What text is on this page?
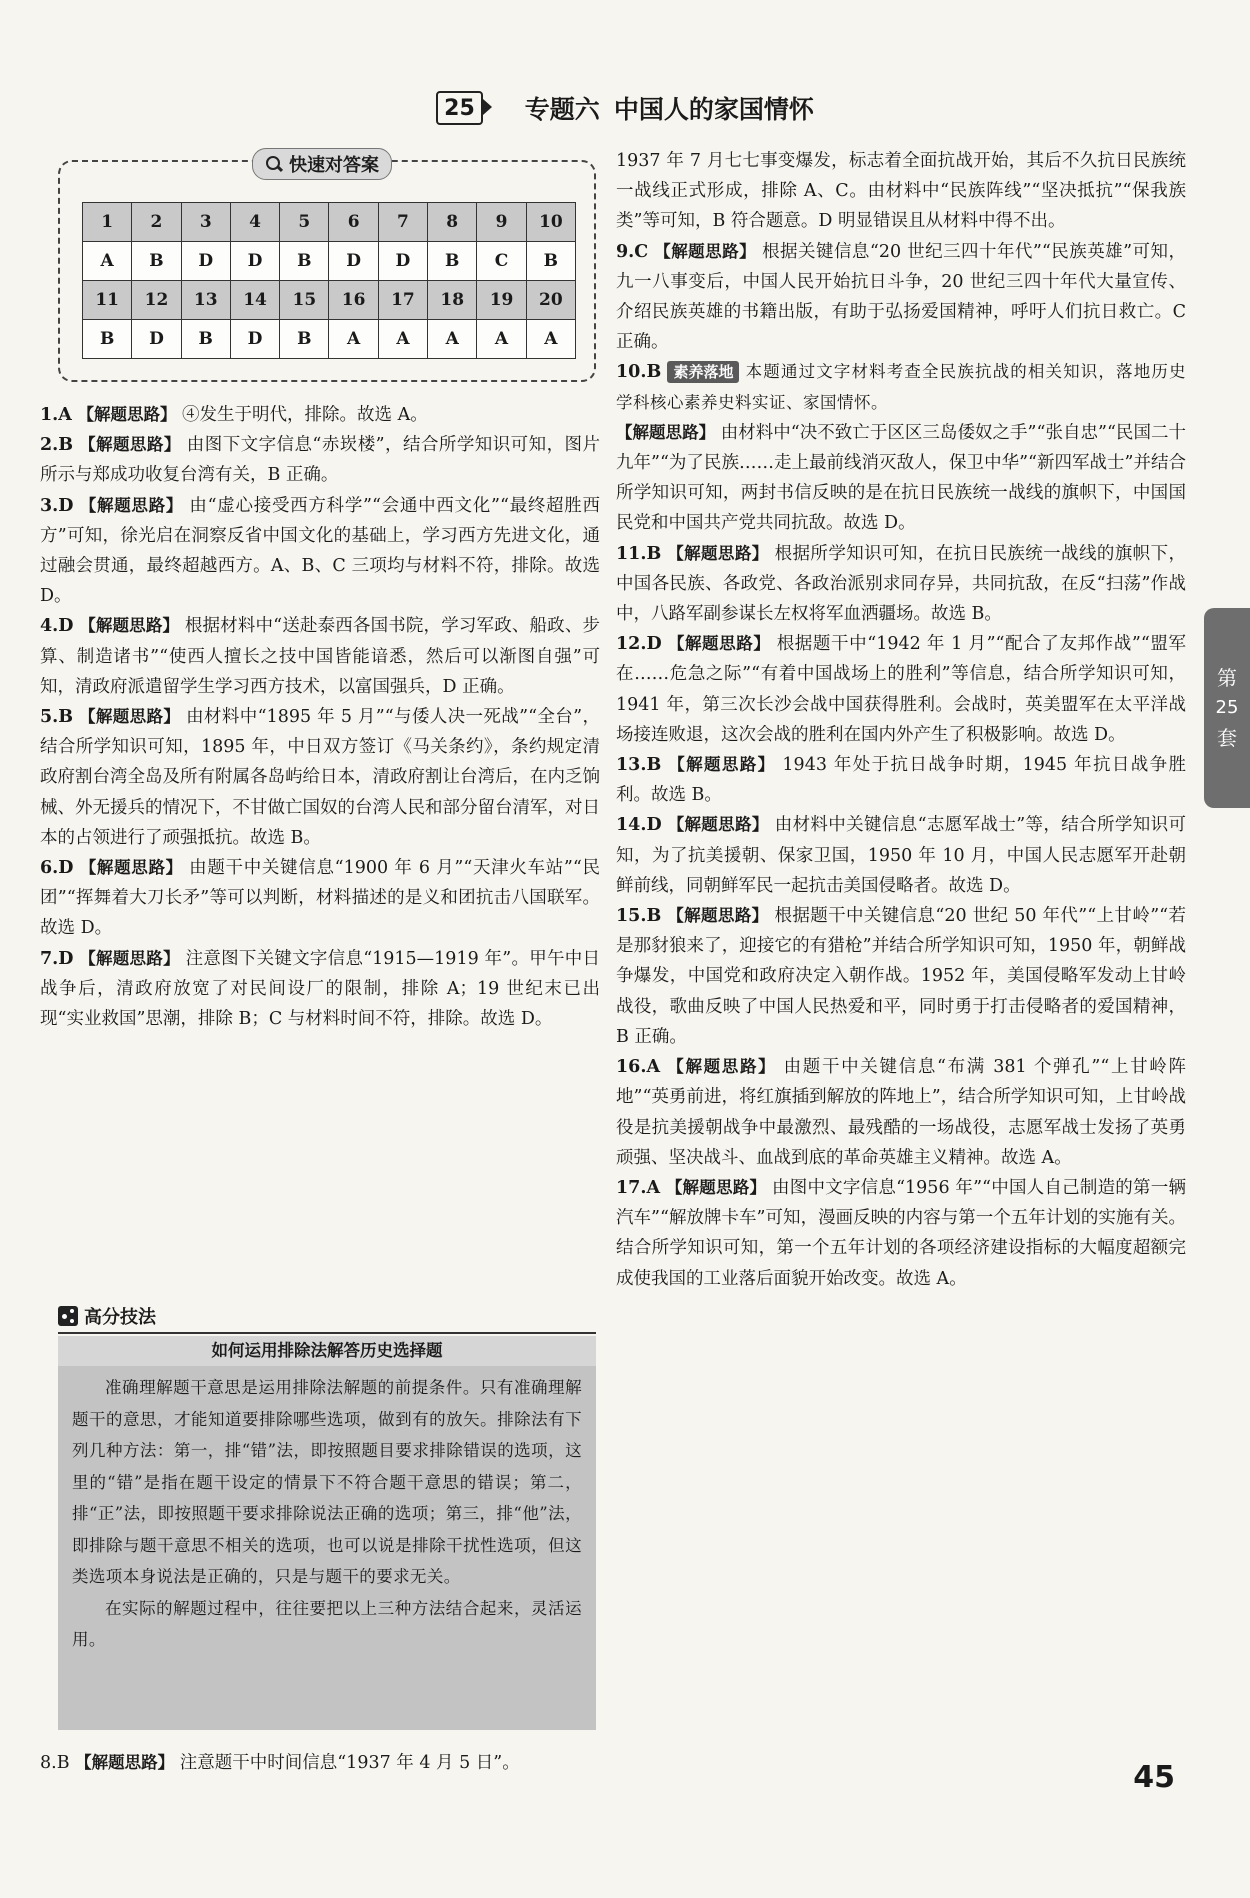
25	专题六 中国人的家国情怀
快速对答案
1	2	3	4	5	6	7	8	9	10
A	B	D	D	B	D	D	B	C	B
11	12	13	14	15	16	17	18	19	20
B	D	B	D	B	A	A	A	A	A

1.A 【解题思路】 ④发生于明代，排除。故选 A。

2.B 【解题思路】 由图下文字信息“赤崁楼”，结合所学知识可知，图片所示与郑成功收复台湾有关，B 正确。

3.D 【解题思路】 由“虚心接受西方科学”“会通中西文化”“最终超胜西方”可知，徐光启在洞察反省中国文化的基础上，学习西方先进文化，通过融会贯通，最终超越西方。A、B、C 三项均与材料不符，排除。故选 D。

4.D 【解题思路】 根据材料中“送赴泰西各国书院，学习军政、船政、步算、制造诸书”“使西人擅长之技中国皆能谙悉，然后可以渐图自强”可知，清政府派遣留学生学习西方技术，以富国强兵，D 正确。

5.B 【解题思路】 由材料中“1895 年 5 月”“与倭人决一死战”“全台”，结合所学知识可知，1895 年，中日双方签订《马关条约》，条约规定清政府割台湾全岛及所有附属各岛屿给日本，清政府割让台湾后，在内乏饷械、外无援兵的情况下，不甘做亡国奴的台湾人民和部分留台清军，对日本的占领进行了顽强抵抗。故选 B。

6.D 【解题思路】 由题干中关键信息“1900 年 6 月”“天津火车站”“民团”“挥舞着大刀长矛”等可以判断，材料描述的是义和团抗击八国联军。故选 D。

7.D 【解题思路】 注意图下关键文字信息“1915—1919 年”。甲午中日战争后，清政府放宽了对民间设厂的限制，排除 A；19 世纪末已出现“实业救国”思潮，排除 B；C 与材料时间不符，排除。故选 D。

高分技法
如何运用排除法解答历史选择题

准确理解题干意思是运用排除法解题的前提条件。只有准确理解题干的意思，才能知道要排除哪些选项，做到有的放矢。排除法有下列几种方法：第一，排“错”法，即按照题目要求排除错误的选项，这里的“错”是指在题干设定的情景下不符合题干意思的错误；第二，排“正”法，即按照题干要求排除说法正确的选项；第三，排“他”法，即排除与题干意思不相关的选项，也可以说是排除干扰性选项，但这类选项本身说法是正确的，只是与题干的要求无关。

在实际的解题过程中，往往要把以上三种方法结合起来，灵活运用。

8.B 【解题思路】 注意题干中时间信息“1937 年 4 月 5 日”。

1937 年 7 月七七事变爆发，标志着全面抗战开始，其后不久抗日民族统一战线正式形成，排除 A、C。由材料中“民族阵线”“坚决抵抗”“保我族类”等可知，B 符合题意。D 明显错误且从材料中得不出。

9.C 【解题思路】 根据关键信息“20 世纪三四十年代”“民族英雄”可知，九一八事变后，中国人民开始抗日斗争，20 世纪三四十年代大量宣传、介绍民族英雄的书籍出版，有助于弘扬爱国精神，呼吁人们抗日救亡。C 正确。

10.B 素养落地 本题通过文字材料考查全民族抗战的相关知识，落地历史学科核心素养史料实证、家国情怀。
【解题思路】 由材料中“决不致亡于区区三岛倭奴之手”“张自忠”“民国二十九年”“为了民族……走上最前线消灭敌人，保卫中华”“新四军战士”并结合所学知识可知，两封书信反映的是在抗日民族统一战线的旗帜下，中国国民党和中国共产党共同抗敌。故选 D。

11.B 【解题思路】 根据所学知识可知，在抗日民族统一战线的旗帜下，中国各民族、各政党、各政治派别求同存异，共同抗敌，在反“扫荡”作战中，八路军副参谋长左权将军血洒疆场。故选 B。

12.D 【解题思路】 根据题干中“1942 年 1 月”“配合了友邦作战”“盟军在……危急之际”“有着中国战场上的胜利”等信息，结合所学知识可知，1941 年，第三次长沙会战中国获得胜利。会战时，英美盟军在太平洋战场接连败退，这次会战的胜利在国内外产生了积极影响。故选 D。

13.B 【解题思路】 1943 年处于抗日战争时期，1945 年抗日战争胜利。故选 B。

14.D 【解题思路】 由材料中关键信息“志愿军战士”等，结合所学知识可知，为了抗美援朝、保家卫国，1950 年 10 月，中国人民志愿军开赴朝鲜前线，同朝鲜军民一起抗击美国侵略者。故选 D。

15.B 【解题思路】 根据题干中关键信息“20 世纪 50 年代”“上甘岭”“若是那豺狼来了，迎接它的有猎枪”并结合所学知识可知，1950 年，朝鲜战争爆发，中国党和政府决定入朝作战。1952 年，美国侵略军发动上甘岭战役，歌曲反映了中国人民热爱和平，同时勇于打击侵略者的爱国精神，B 正确。

16.A 【解题思路】 由题干中关键信息“布满 381 个弹孔”“上甘岭阵地”“英勇前进，将红旗插到解放的阵地上”，结合所学知识可知，上甘岭战役是抗美援朝战争中最激烈、最残酷的一场战役，志愿军战士发扬了英勇顽强、坚决战斗、血战到底的革命英雄主义精神。故选 A。

17.A 【解题思路】 由图中文字信息“1956 年”“中国人自己制造的第一辆汽车”“解放牌卡车”可知，漫画反映的内容与第一个五年计划的实施有关。结合所学知识可知，第一个五年计划的各项经济建设指标的大幅度超额完成使我国的工业落后面貌开始改变。故选 A。

第
25
套
45
